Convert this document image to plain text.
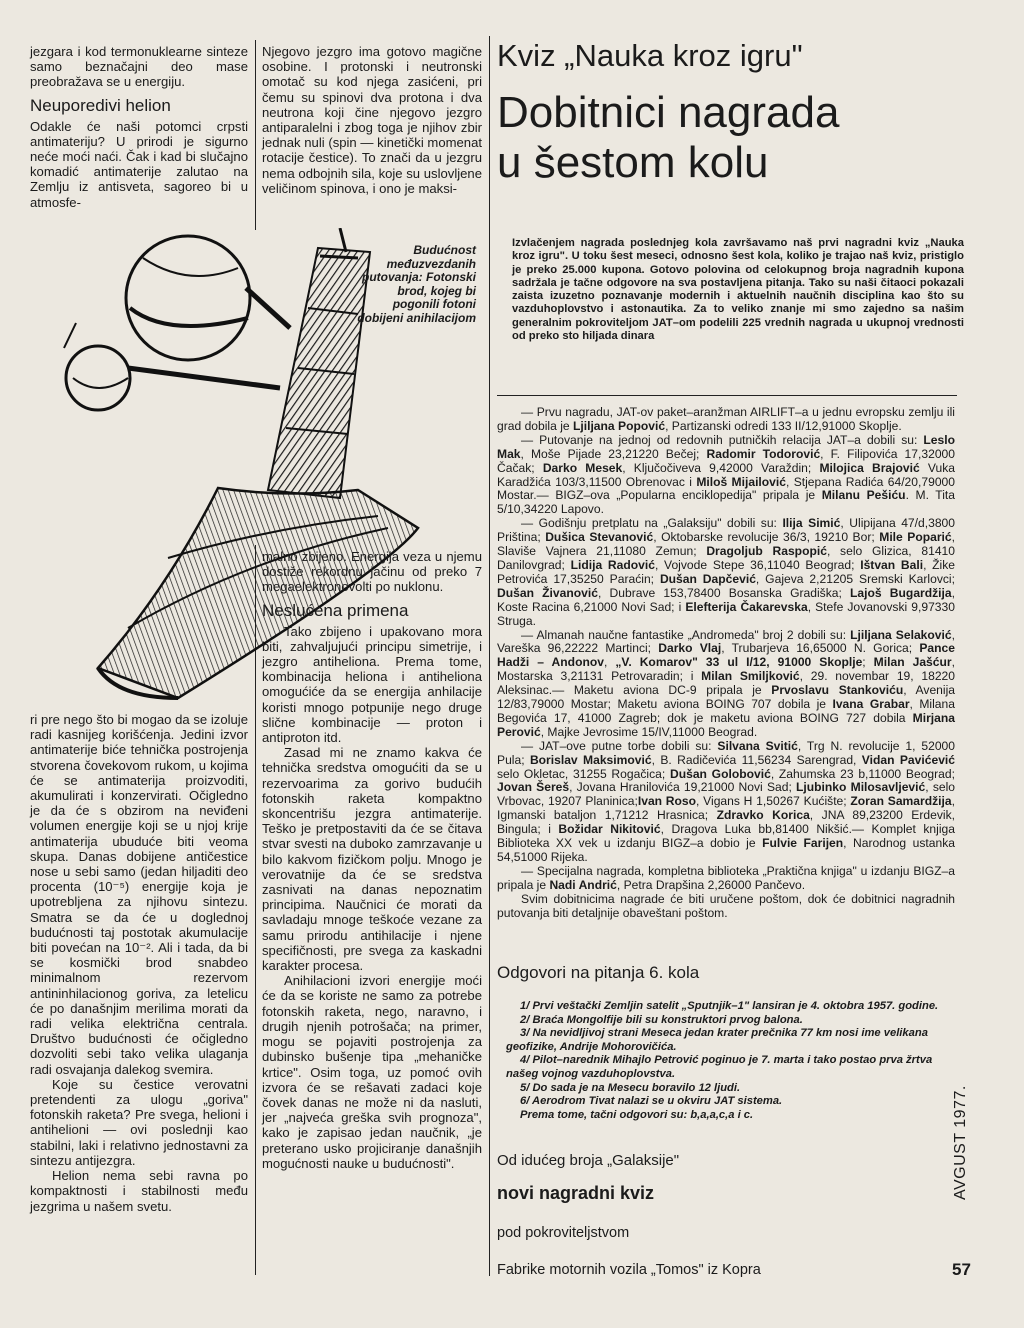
jezgara i kod termonuklearne sinteze samo beznačajni deo mase preobražava se u energiju.

Neuporedivi helion

Odakle će naši potomci crpsti antimateriju? U prirodi je sigurno neće moći naći. Čak i kad bi slučajno komadić antimaterije zalutao na Zemlju iz antisveta, sagoreo bi u atmosfe-

Njegovo jezgro ima gotovo magične osobine. I protonski i neutronski omotač su kod njega zasićeni, pri čemu su spinovi dva protona i dva neutrona koji čine njegovo jezgro antiparalelni i zbog toga je njihov zbir jednak nuli (spin — kinetički momenat rotacije čestice). To znači da u jezgru nema odbojnih sila, koje su uslovljene veličinom spinova, i ono je maksi-

Budućnost međuzvezdanih putovanja: Fotonski brod, kojeg bi pogonili fotoni dobijeni anihilacijom

ri pre nego što bi mogao da se izoluje radi kasnijeg korišćenja. Jedini izvor antimaterije biće tehnička postrojenja stvorena čovekovom rukom, u kojima će se antimaterija proizvoditi, akumulirati i konzervirati. Očigledno je da će s obzirom na neviđeni volumen energije koji se u njoj krije antimaterija ubuduće biti veoma skupa. Danas dobijene antičestice nose u sebi samo (jedan hiljaditi deo procenta (10⁻⁵) energije koja je upotrebljena za njihovu sintezu. Smatra se da će u doglednoj budućnosti taj postotak akumulacije biti povećan na 10⁻². Ali i tada, da bi se kosmički brod snabdeo minimalnom rezervom antininhilacionog goriva, za letelicu će po današnjim merilima morati da radi velika električna centrala. Društvo budućnosti će očigledno dozvoliti sebi tako velika ulaganja radi osvajanja dalekog svemira.

Koje su čestice verovatni pretendenti za ulogu „goriva" fotonskih raketa? Pre svega, helioni i antihelioni — ovi poslednji kao stabilni, laki i relativno jednostavni za sintezu antijezgra.

Helion nema sebi ravna po kompaktnosti i stabilnosti među jezgrima u našem svetu.

malno zbijeno. Energija veza u njemu dostiže rekordnu jačinu od preko 7 megaelektronovolti po nuklonu.

Neslućena primena

Tako zbijeno i upakovano mora biti, zahvaljujući principu simetrije, i jezgro antiheliona. Prema tome, kombinacija heliona i antiheliona omogućiće da se energija anhilacije koristi mnogo potpunije nego druge slične kombinacije — proton i antiproton itd.

Zasad mi ne znamo kakva će tehnička sredstva omogućiti da se u rezervoarima za gorivo budućih fotonskih raketa kompaktno skoncentrišu jezgra antimaterije. Teško je pretpostaviti da će se čitava stvar svesti na duboko zamrzavanje u bilo kakvom fizičkom polju. Mnogo je verovatnije da će se sredstva zasnivati na danas nepoznatim principima. Naučnici će morati da savladaju mnoge teškoće vezane za samu prirodu antihilacije i njene specifičnosti, pre svega za kaskadni karakter procesa.

Anihilacioni izvori energije moći će da se koriste ne samo za potrebe fotonskih raketa, nego, naravno, i drugih njenih potrošača; na primer, mogu se pojaviti postrojenja za dubinsko bušenje tipa „mehaničke krtice". Osim toga, uz pomoć ovih izvora će se rešavati zadaci koje čovek danas ne može ni da nasluti, jer „najveća greška svih prognoza", kako je zapisao jedan naučnik, „je preterano usko projiciranje današnjih mogućnosti nauke u budućnosti".

Kviz „Nauka kroz igru"
Dobitnici nagrada
u šestom kolu
Izvlačenjem nagrada poslednjeg kola završavamo naš prvi nagradni kviz „Nauka kroz igru". U toku šest meseci, odnosno šest kola, koliko je trajao naš kviz, pristiglo je preko 25.000 kupona. Gotovo polovina od celokupnog broja nagradnih kupona sadržala je tačne odgovore na sva postavljena pitanja. Tako su naši čitaoci pokazali zaista izuzetno poznavanje modernih i aktuelnih naučnih disciplina kao što su vazduhoplovstvo i astonautika. Za to veliko znanje mi smo zajedno sa našim generalnim pokroviteljom JAT–om podelili 225 vrednih nagrada u ukupnoj vrednosti od preko sto hiljada dinara

— Prvu nagradu, JAT-ov paket–aranžman AIRLIFT–a u jednu evropsku zemlju ili grad dobila je Ljiljana Popović, Partizanski odredi 133 II/12,91000 Skoplje.

— Putovanje na jednoj od redovnih putničkih relacija JAT–a dobili su: Leslo Mak, Moše Pijade 23,21220 Bečej; Radomir Todorović, F. Filipovića 17,32000 Čačak; Darko Mesek, Ključočiveva 9,42000 Varaždin; Milojica Brajović Vuka Karadžića 103/3,11500 Obrenovac i Miloš Mijailović, Stjepana Radića 64/20,79000 Mostar.— BIGZ–ova „Popularna enciklopedija" pripala je Milanu Pešiću. M. Tita 5/10,34220 Lapovo.

— Godišnju pretplatu na „Galaksiju" dobili su: Ilija Simić, Ulipijana 47/d,3800 Priština; Dušica Stevanović, Oktobarske revolucije 36/3, 19210 Bor; Mile Poparić, Slaviše Vajnera 21,11080 Zemun; Dragoljub Raspopić, selo Glizica, 81410 Danilovgrad; Lidija Radović, Vojvode Stepe 36,11040 Beograd; Ištvan Bali, Žike Petrovića 17,35250 Paraćin; Dušan Dapčević, Gajeva 2,21205 Sremski Karlovci; Dušan Živanović, Dubrave 153,78400 Bosanska Gradiška; Lajoš Bugardžija, Koste Racina 6,21000 Novi Sad; i Elefterija Čakarevska, Stefe Jovanovski 9,97330 Struga.

— Almanah naučne fantastike „Andromeda" broj 2 dobili su: Ljiljana Selaković, Vareška 96,22222 Martinci; Darko Vlaj, Trubarjeva 16,65000 N. Gorica; Pance Hadži – Andonov, „V. Komarov" 33 ul I/12, 91000 Skoplje; Milan Jašćur, Mostarska 3,21131 Petrovaradin; i Milan Smiljković, 29. novembar 19, 18220 Aleksinac.— Maketu aviona DC-9 pripala je Prvoslavu Stankoviću, Avenija 12/83,79000 Mostar; Maketu aviona BOING 707 dobila je Ivana Grabar, Milana Begovića 17, 41000 Zagreb; dok je maketu aviona BOING 727 dobila Mirjana Perović, Majke Jevrosime 15/IV,11000 Beograd.

— JAT–ove putne torbe dobili su: Silvana Svitić, Trg N. revolucije 1, 52000 Pula; Borislav Maksimović, B. Radičevića 11,56234 Sarengrad, Vidan Pavićević selo Okletac, 31255 Rogačica; Dušan Golobović, Zahumska 23 b,11000 Beograd; Jovan Šereš, Jovana Hranilovića 19,21000 Novi Sad; Ljubinko Milosavljević, selo Vrbovac, 19207 Planinica;Ivan Roso, Vigans H 1,50267 Kućište; Zoran Samardžija, Igmanski bataljon 1,71212 Hrasnica; Zdravko Korica, JNA 89,23200 Erdevik, Bingula; i Božidar Nikitović, Dragova Luka bb,81400 Nikšić.— Komplet knjiga Biblioteka XX vek u izdanju BIGZ–a dobio je Fulvie Farijen, Narodnog ustanka 54,51000 Rijeka.

— Specijalna nagrada, kompletna biblioteka „Praktična knjiga" u izdanju BIGZ–a pripala je Nadi Andrić, Petra Drapšina 2,26000 Pančevo.

Svim dobitnicima nagrade će biti uručene poštom, dok će dobitnici nagradnih putovanja biti detaljnije obaveštani poštom.

Odgovori na pitanja 6. kola

1/ Prvi veštački Zemljin satelit „Sputnjik–1" lansiran je 4. oktobra 1957. godine.

2/ Braća Mongolfije bili su konstruktori prvog balona.

3/ Na nevidljivoj strani Meseca jedan krater prečnika 77 km nosi ime velikana geofizike, Andrije Mohorovičića.

4/ Pilot–narednik Mihajlo Petrović poginuo je 7. marta i tako postao prva žrtva našeg vojnog vazduhoplovstva.

5/ Do sada je na Mesecu boravilo 12 ljudi.

6/ Aerodrom Tivat nalazi se u okviru JAT sistema.

Prema tome, tačni odgovori su: b,a,a,c,a i c.

Od idućeg broja „Galaksije"
novi nagradni kviz
pod pokroviteljstvom
Fabrike motornih vozila „Tomos" iz Kopra
AVGUST 1977.
57
